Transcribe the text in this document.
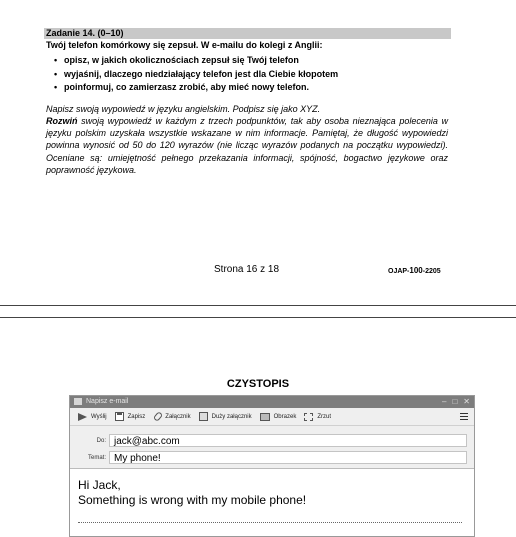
Zadanie 14. (0–10)
Twój telefon komórkowy się zepsuł. W e-mailu do kolegi z Anglii:
• opisz, w jakich okolicznościach zepsuł się Twój telefon
• wyjaśnij, dlaczego niedziałający telefon jest dla Ciebie kłopotem
• poinformuj, co zamierzasz zrobić, aby mieć nowy telefon.
Napisz swoją wypowiedź w języku angielskim. Podpisz się jako XYZ.
Rozwiń swoją wypowiedź w każdym z trzech podpunktów, tak aby osoba nieznająca polecenia w języku polskim uzyskała wszystkie wskazane w nim informacje. Pamiętaj, że długość wypowiedzi powinna wynosić od 50 do 120 wyrazów (nie licząc wyrazów podanych na początku wypowiedzi). Oceniane są: umiejętność pełnego przekazania informacji, spójność, bogactwo językowe oraz poprawność językowa.
Strona 16 z 18	OJAP-100-2205
CZYSTOPIS
Napisz e-mail	– □ ✕
Wyślij	Zapisz	Załącznik	Duży załącznik	Obrazek	Zrzut
Do: jack@abc.com
Temat: My phone!
Hi Jack,
Something is wrong with my mobile phone!
